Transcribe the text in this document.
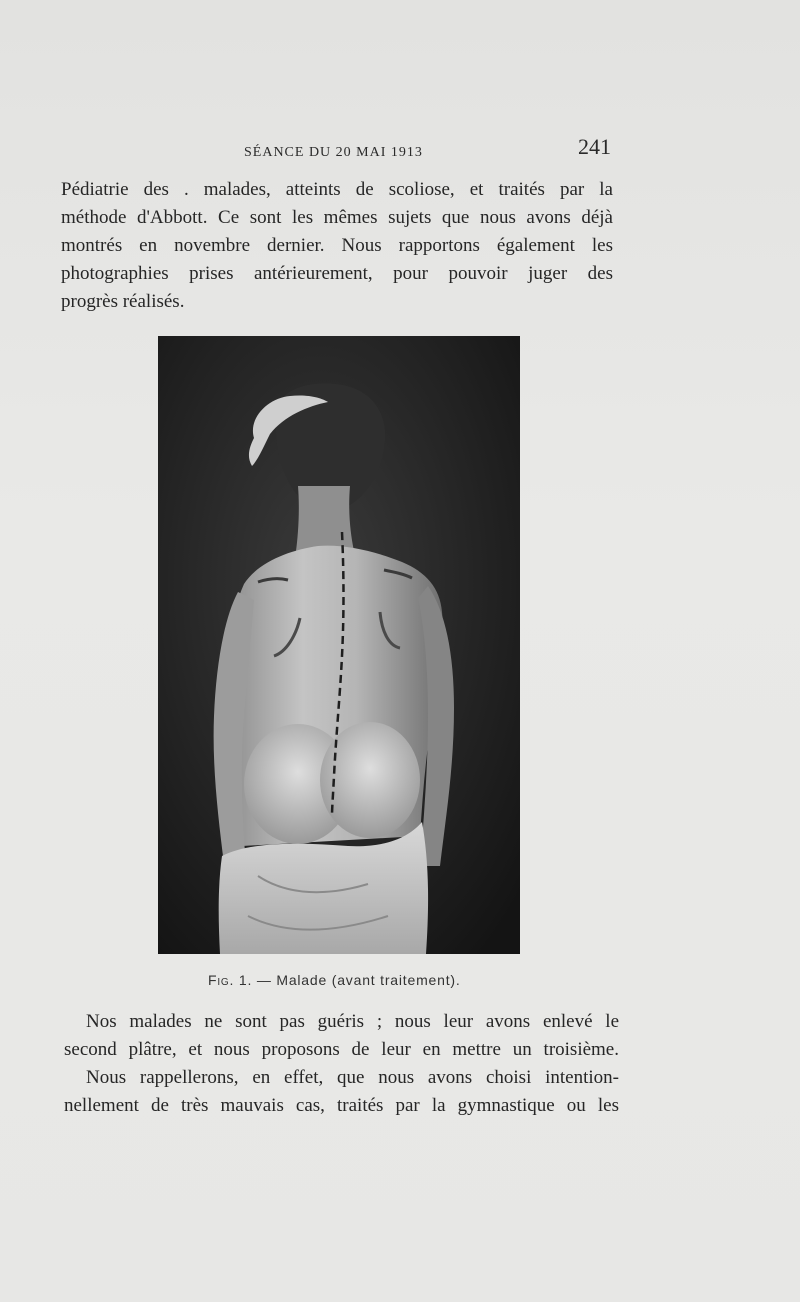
SÉANCE DU 20 MAI 1913	241

Pédiatrie des . malades, atteints de scoliose, et traités par la
méthode d'Abbott. Ce sont les mêmes sujets que nous avons déjà
montrés en novembre dernier. Nous rapportons également les
photographies prises antérieurement, pour pouvoir juger des
progrès réalisés.

Fig. 1. — Malade (avant traitement).

Nos malades ne sont pas guéris ; nous leur avons enlevé le
second plâtre, et nous proposons de leur en mettre un troisième.
Nous rappellerons, en effet, que nous avons choisi intention-
nellement de très mauvais cas, traités par la gymnastique ou les
